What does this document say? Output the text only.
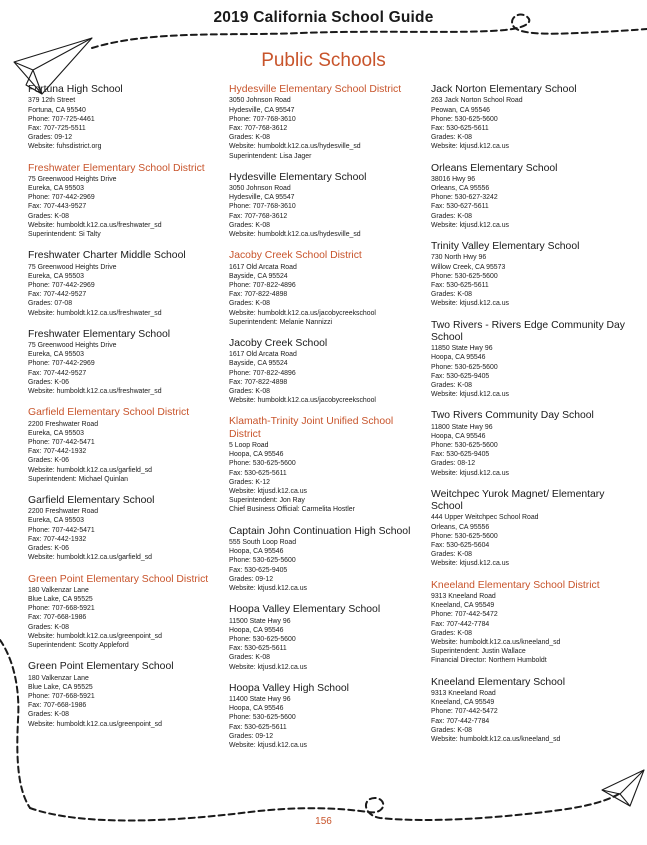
2019 California School Guide
Public Schools
Fortuna High School
379 12th Street
Fortuna, CA 95540
Phone: 707-725-4461
Fax: 707-725-5511
Grades: 09-12
Website: fuhsdistrict.org
Freshwater Elementary School District
75 Greenwood Heights Drive
Eureka, CA 95503
Phone: 707-442-2969
Fax: 707-443-9527
Grades: K-08
Website: humboldt.k12.ca.us/freshwater_sd
Superintendent: Si Talty
Freshwater Charter Middle School
75 Greenwood Heights Drive
Eureka, CA 95503
Phone: 707-442-2969
Fax: 707-442-9527
Grades: 07-08
Website: humboldt.k12.ca.us/freshwater_sd
Freshwater Elementary School
75 Greenwood Heights Drive
Eureka, CA 95503
Phone: 707-442-2969
Fax: 707-442-9527
Grades: K-06
Website: humboldt.k12.ca.us/freshwater_sd
Garfield Elementary School District
2200 Freshwater Road
Eureka, CA 95503
Phone: 707-442-5471
Fax: 707-442-1932
Grades: K-06
Website: humboldt.k12.ca.us/garfield_sd
Superintendent: Michael Quinlan
Garfield Elementary School
2200 Freshwater Road
Eureka, CA 95503
Phone: 707-442-5471
Fax: 707-442-1932
Grades: K-06
Website: humboldt.k12.ca.us/garfield_sd
Green Point Elementary School District
180 Valkenzar Lane
Blue Lake, CA 95525
Phone: 707-668-5921
Fax: 707-668-1986
Grades: K-08
Website: humboldt.k12.ca.us/greenpoint_sd
Superintendent: Scotty Appleford
Green Point Elementary School
180 Valkenzar Lane
Blue Lake, CA 95525
Phone: 707-668-5921
Fax: 707-668-1986
Grades: K-08
Website: humboldt.k12.ca.us/greenpoint_sd
Hydesville Elementary School District
3050 Johnson Road
Hydesville, CA 95547
Phone: 707-768-3610
Fax: 707-768-3612
Grades: K-08
Website: humboldt.k12.ca.us/hydesville_sd
Superintendent: Lisa Jager
Hydesville Elementary School
3050 Johnson Road
Hydesville, CA 95547
Phone: 707-768-3610
Fax: 707-768-3612
Grades: K-08
Website: humboldt.k12.ca.us/hydesville_sd
Jacoby Creek School District
1617 Old Arcata Road
Bayside, CA 95524
Phone: 707-822-4896
Fax: 707-822-4898
Grades: K-08
Website: humboldt.k12.ca.us/jacobycreekschool
Superintendent: Melanie Nannizzi
Jacoby Creek School
1617 Old Arcata Road
Bayside, CA 95524
Phone: 707-822-4896
Fax: 707-822-4898
Grades: K-08
Website: humboldt.k12.ca.us/jacobycreekschool
Klamath-Trinity Joint Unified School District
5 Loop Road
Hoopa, CA 95546
Phone: 530-625-5600
Fax: 530-625-5611
Grades: K-12
Website: ktjusd.k12.ca.us
Superintendent: Jon Ray
Chief Business Official: Carmelita Hostler
Captain John Continuation High School
555 South Loop Road
Hoopa, CA 95546
Phone: 530-625-5600
Fax: 530-625-9405
Grades: 09-12
Website: ktjusd.k12.ca.us
Hoopa Valley Elementary School
11500 State Hwy 96
Hoopa, CA 95546
Phone: 530-625-5600
Fax: 530-625-5611
Grades: K-08
Website: ktjusd.k12.ca.us
Hoopa Valley High School
11400 State Hwy 96
Hoopa, CA 95546
Phone: 530-625-5600
Fax: 530-625-5611
Grades: 09-12
Website: ktjusd.k12.ca.us
Jack Norton Elementary School
263 Jack Norton School Road
Peowan, CA 95546
Phone: 530-625-5600
Fax: 530-625-5611
Grades: K-08
Website: ktjusd.k12.ca.us
Orleans Elementary School
38016 Hwy 96
Orleans, CA 95556
Phone: 530-627-3242
Fax: 530-627-5611
Grades: K-08
Website: ktjusd.k12.ca.us
Trinity Valley Elementary School
730 North Hwy 96
Willow Creek, CA 95573
Phone: 530-625-5600
Fax: 530-625-5611
Grades: K-08
Website: ktjusd.k12.ca.us
Two Rivers - Rivers Edge Community Day School
11850 State Hwy 96
Hoopa, CA 95546
Phone: 530-625-5600
Fax: 530-625-9405
Grades: K-08
Website: ktjusd.k12.ca.us
Two Rivers Community Day School
11800 State Hwy 96
Hoopa, CA 95546
Phone: 530-625-5600
Fax: 530-625-9405
Grades: 08-12
Website: ktjusd.k12.ca.us
Weitchpec Yurok Magnet/ Elementary School
444 Upper Weitchpec School Road
Orleans, CA 95556
Phone: 530-625-5600
Fax: 530-625-5604
Grades: K-08
Website: ktjusd.k12.ca.us
Kneeland Elementary School District
9313 Kneeland Road
Kneeland, CA 95549
Phone: 707-442-5472
Fax: 707-442-7784
Grades: K-08
Website: humboldt.k12.ca.us/kneeland_sd
Superintendent: Justin Wallace
Financial Director: Northern Humboldt
Kneeland Elementary School
9313 Kneeland Road
Kneeland, CA 95549
Phone: 707-442-5472
Fax: 707-442-7784
Grades: K-08
Website: humboldt.k12.ca.us/kneeland_sd
156
